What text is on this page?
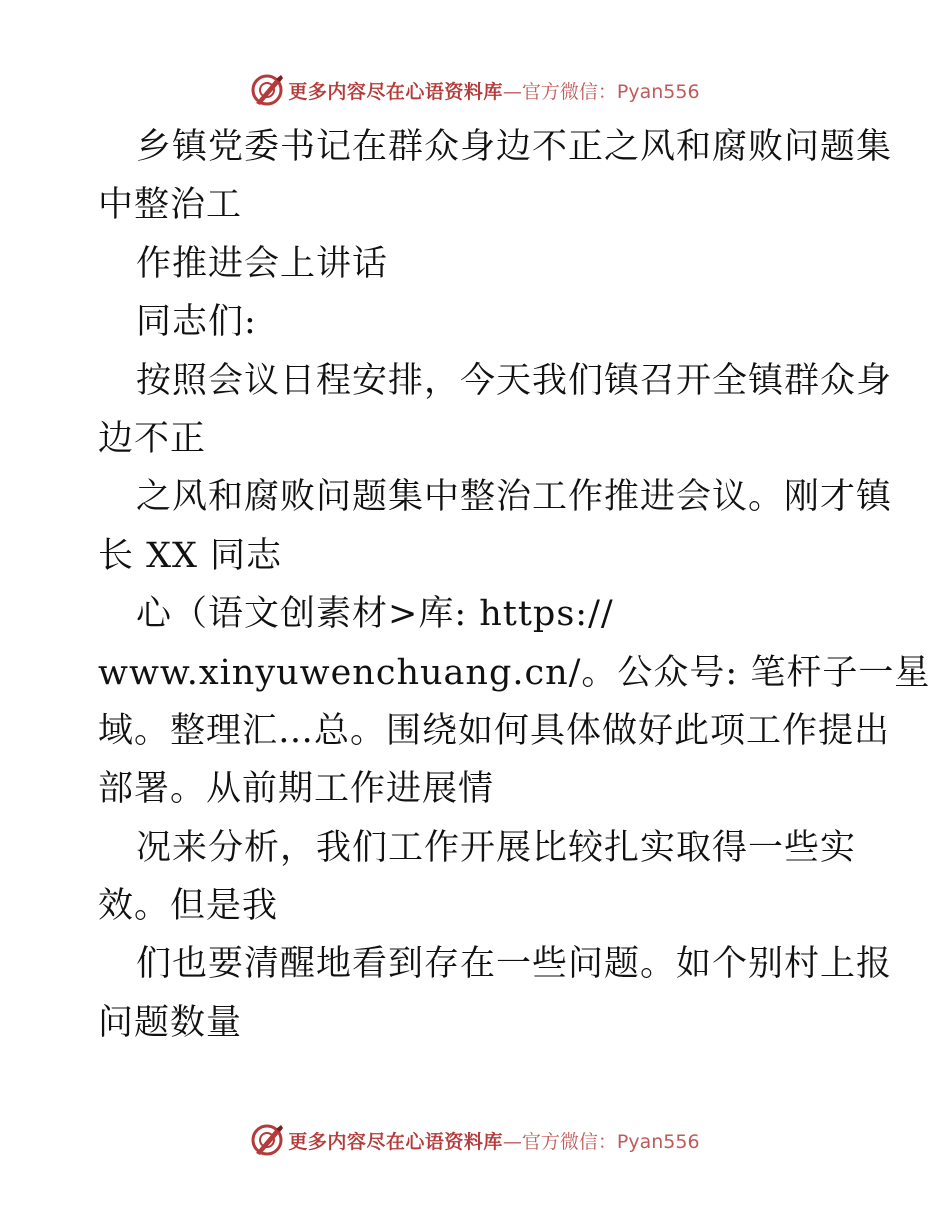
更多内容尽在心语资料库 —官方微信：Pyan556
乡镇党委书记在群众身边不正之风和腐败问题集
中整治工
作推进会上讲话
同志们:
按照会议日程安排，今天我们镇召开全镇群众身
边不正
之风和腐败问题集中整治工作推进会议。刚才镇
长 XX 同志
心（语文创素材>库: https://
www.xinyuwenchuang.cn/。公众号: 笔杆子一星
域。整理汇…总。围绕如何具体做好此项工作提出
部署。从前期工作进展情
况来分析，我们工作开展比较扎实取得一些实
效。但是我
们也要清醒地看到存在一些问题。如个别村上报
问题数量
更多内容尽在心语资料库 —官方微信：Pyan556
